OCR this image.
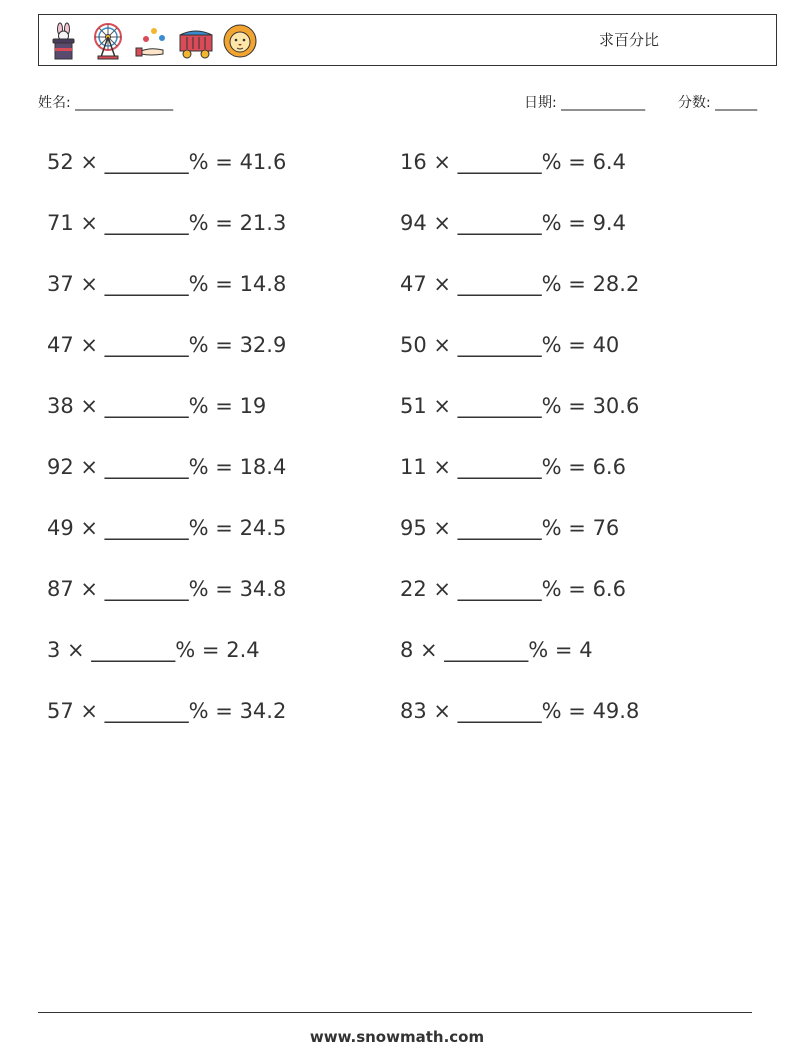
求百分比
姓名: ______________	日期: ____________ 分数: ______
52 × ________% = 41.6	16 × ________% = 6.4
71 × ________% = 21.3	94 × ________% = 9.4
37 × ________% = 14.8	47 × ________% = 28.2
47 × ________% = 32.9	50 × ________% = 40
38 × ________% = 19	51 × ________% = 30.6
92 × ________% = 18.4	11 × ________% = 6.6
49 × ________% = 24.5	95 × ________% = 76
87 × ________% = 34.8	22 × ________% = 6.6
3 × ________% = 2.4	8 × ________% = 4
57 × ________% = 34.2	83 × ________% = 49.8
www.snowmath.com
